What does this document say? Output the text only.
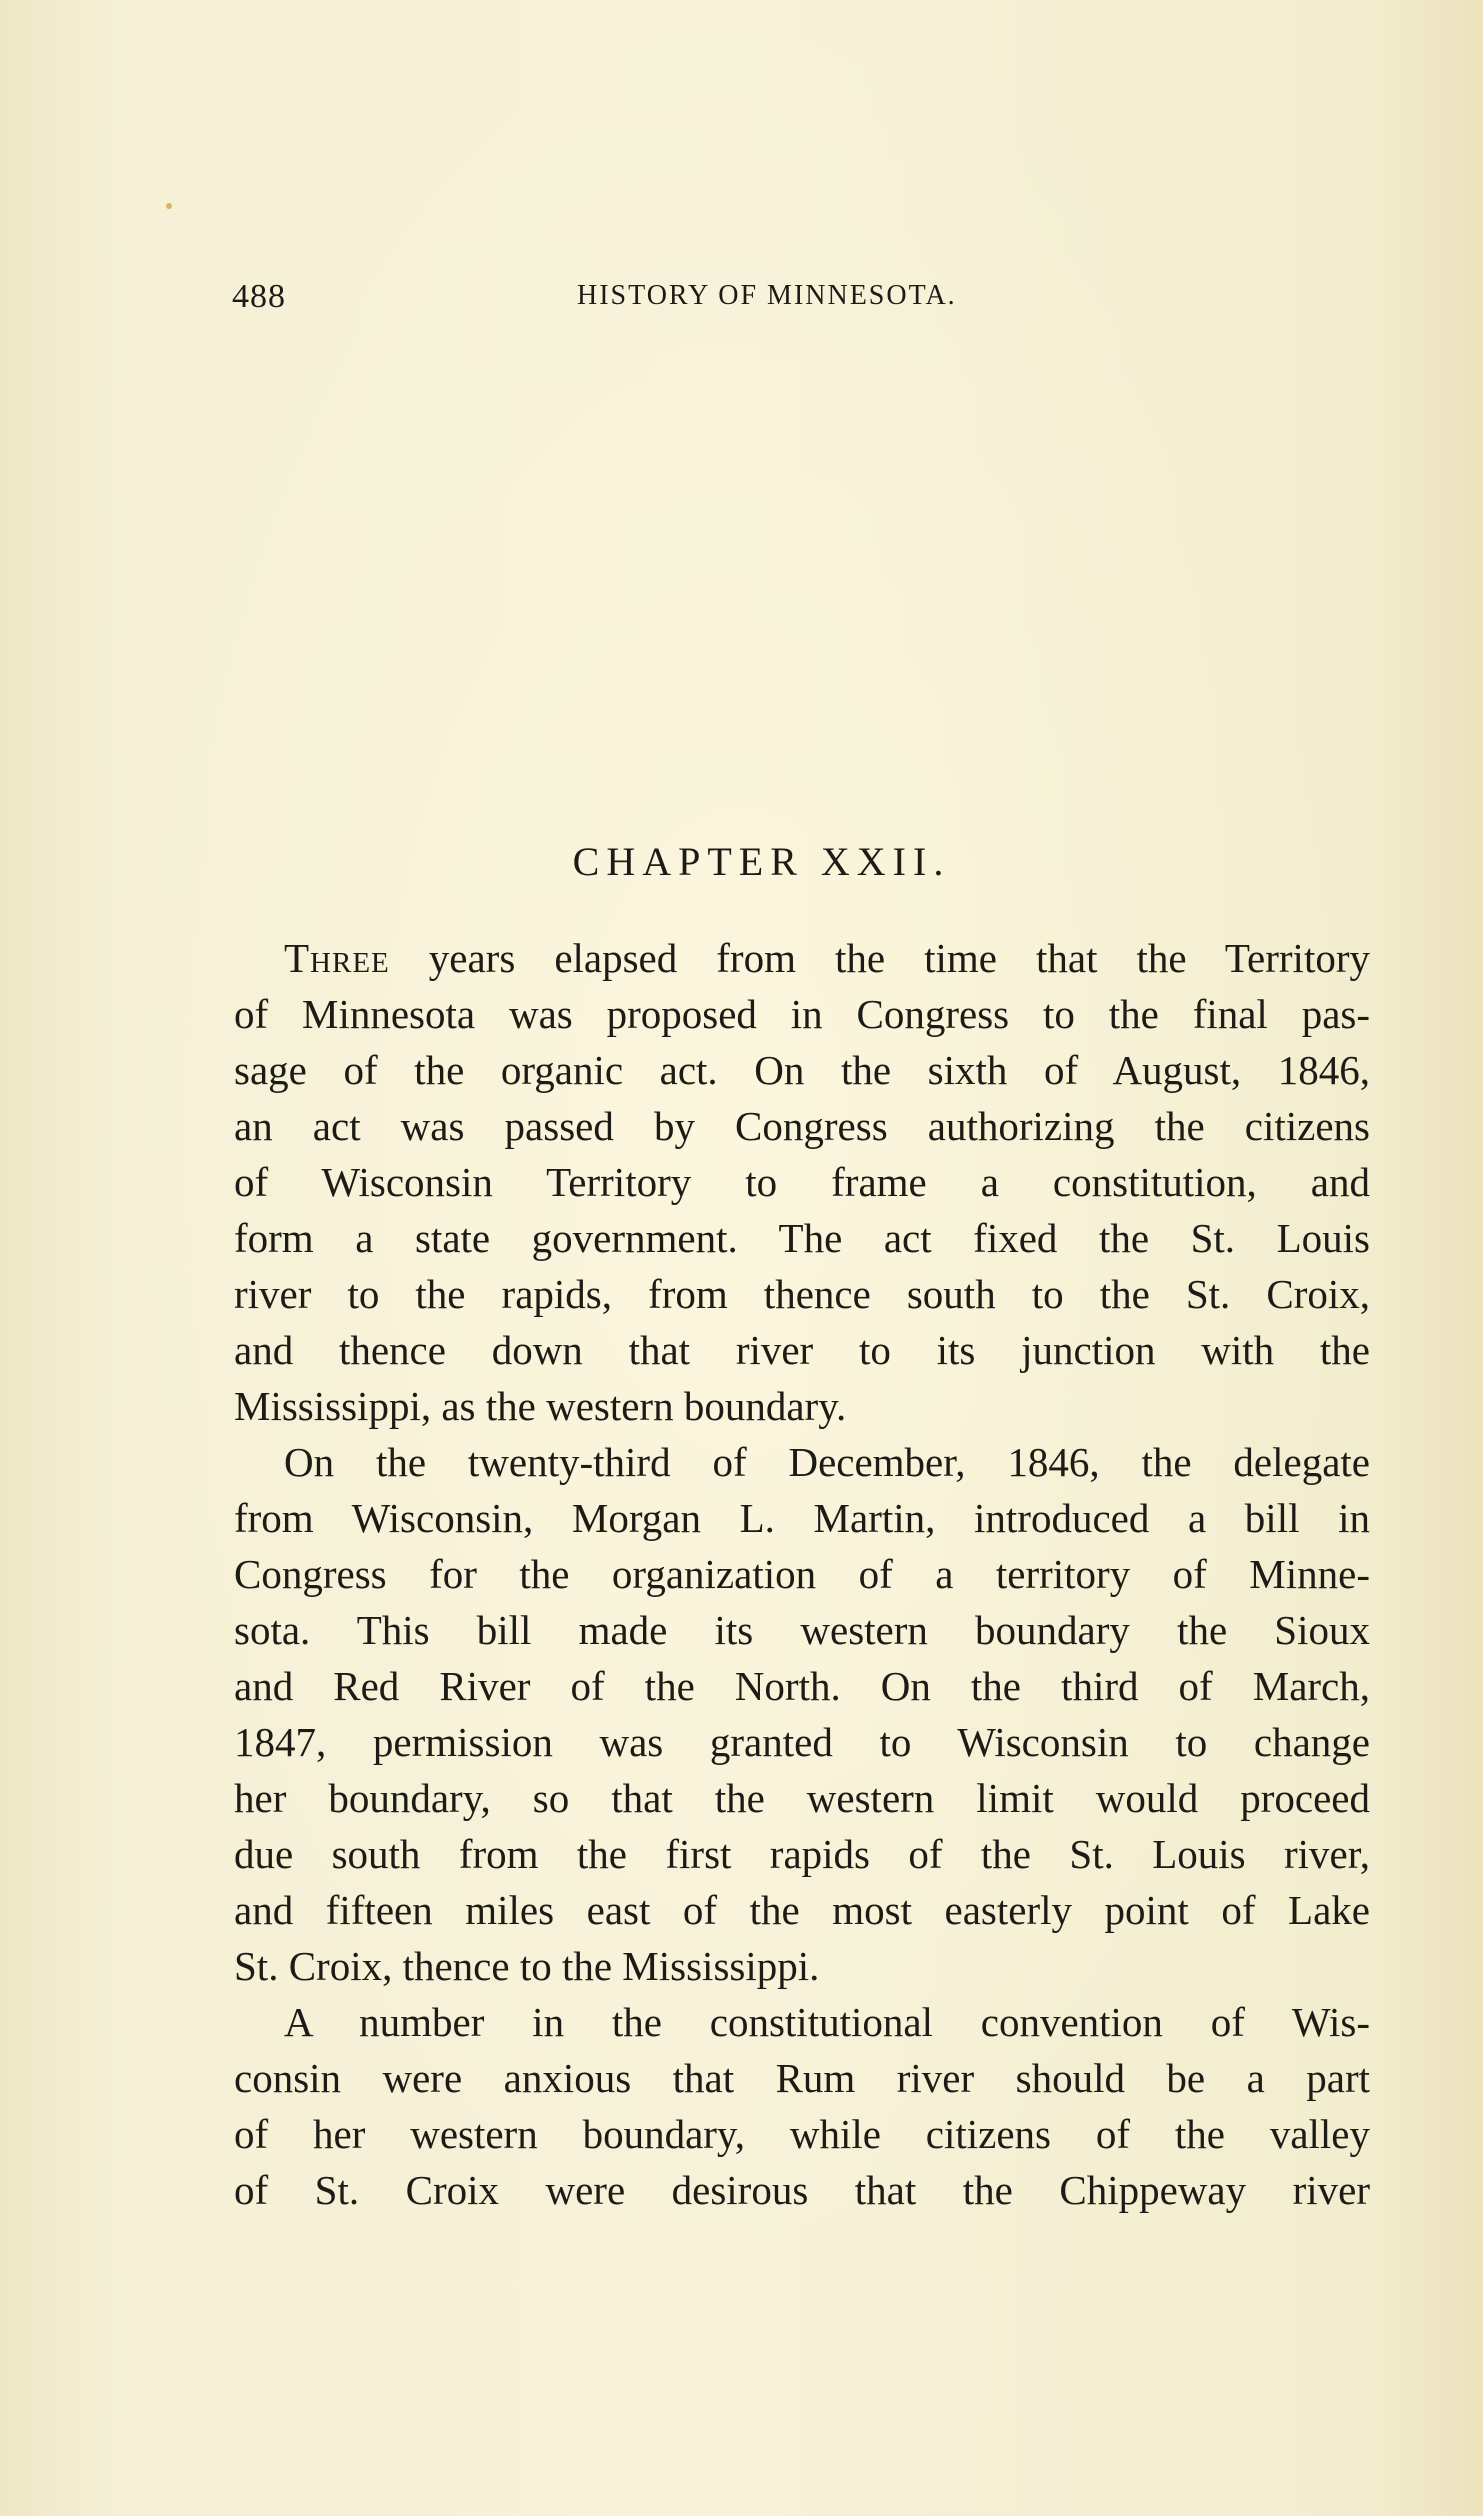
488	HISTORY OF MINNESOTA.
CHAPTER XXII.
Three years elapsed from the time that the Territory
of Minnesota was proposed in Congress to the final pas-
sage of the organic act. On the sixth of August, 1846,
an act was passed by Congress authorizing the citizens
of Wisconsin Territory to frame a constitution, and
form a state government. The act fixed the St. Louis
river to the rapids, from thence south to the St. Croix,
and thence down that river to its junction with the
Mississippi, as the western boundary.
On the twenty-third of December, 1846, the delegate
from Wisconsin, Morgan L. Martin, introduced a bill in
Congress for the organization of a territory of Minne-
sota. This bill made its western boundary the Sioux
and Red River of the North. On the third of March,
1847, permission was granted to Wisconsin to change
her boundary, so that the western limit would proceed
due south from the first rapids of the St. Louis river,
and fifteen miles east of the most easterly point of Lake
St. Croix, thence to the Mississippi.
A number in the constitutional convention of Wis-
consin were anxious that Rum river should be a part
of her western boundary, while citizens of the valley
of St. Croix were desirous that the Chippeway river
